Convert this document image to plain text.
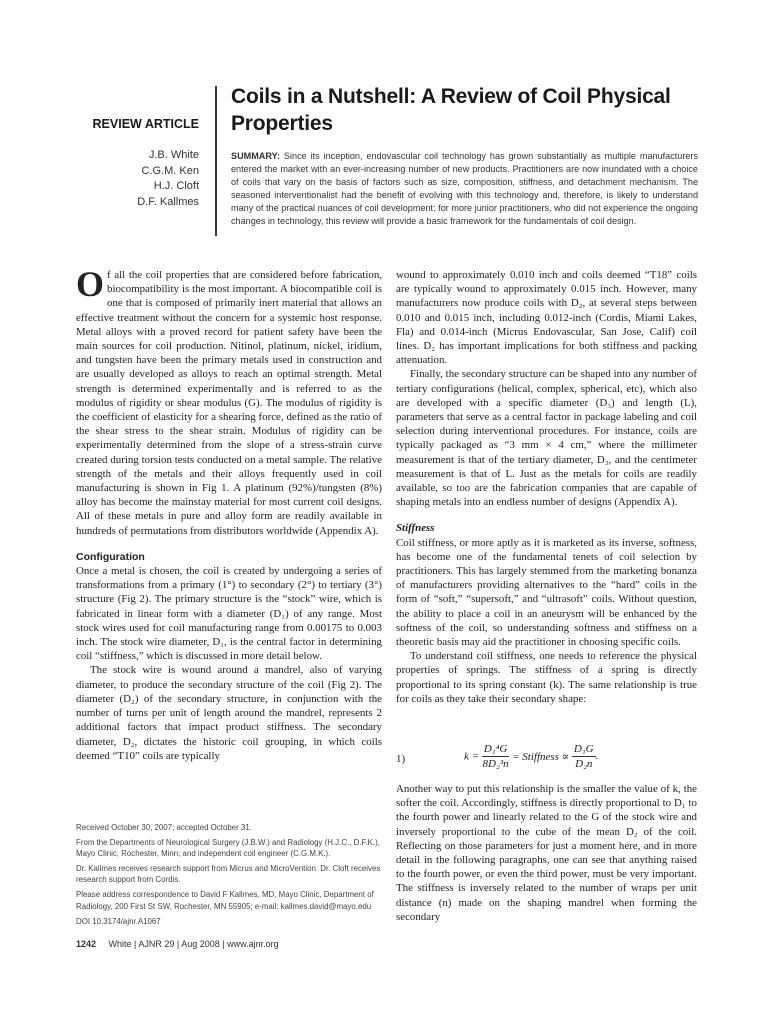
REVIEW ARTICLE
J.B. White
C.G.M. Ken
H.J. Cloft
D.F. Kallmes
Coils in a Nutshell: A Review of Coil Physical Properties
SUMMARY: Since its inception, endovascular coil technology has grown substantially as multiple manufacturers entered the market with an ever-increasing number of new products. Practitioners are now inundated with a choice of coils that vary on the basis of factors such as size, composition, stiffness, and detachment mechanism. The seasoned interventionalist had the benefit of evolving with this technology and, therefore, is likely to understand many of the practical nuances of coil development; for more junior practitioners, who did not experience the ongoing changes in technology, this review will provide a basic framework for the fundamentals of coil design.

Of all the coil properties that are considered before fabrication, biocompatibility is the most important. A biocompatible coil is one that is composed of primarily inert material that allows an effective treatment without the concern for a systemic host response. Metal alloys with a proved record for patient safety have been the main sources for coil production. Nitinol, platinum, nickel, iridium, and tungsten have been the primary metals used in construction and are usually developed as alloys to reach an optimal strength. Metal strength is determined experimentally and is referred to as the modulus of rigidity or shear modulus (G). The modulus of rigidity is the coefficient of elasticity for a shearing force, defined as the ratio of the shear stress to the shear strain. Modulus of rigidity can be experimentally determined from the slope of a stress-strain curve created during torsion tests conducted on a metal sample. The relative strength of the metals and their alloys frequently used in coil manufacturing is shown in Fig 1. A platinum (92%)/tungsten (8%) alloy has become the mainstay material for most current coil designs. All of these metals in pure and alloy form are readily available in hundreds of permutations from distributors worldwide (Appendix A).

Configuration

Once a metal is chosen, the coil is created by undergoing a series of transformations from a primary (1°) to secondary (2°) to tertiary (3°) structure (Fig 2). The primary structure is the “stock” wire, which is fabricated in linear form with a diameter (D₁) of any range. Most stock wires used for coil manufacturing range from 0.00175 to 0.003 inch. The stock wire diameter, D₁, is the central factor in determining coil “stiffness,” which is discussed in more detail below.

The stock wire is wound around a mandrel, also of varying diameter, to produce the secondary structure of the coil (Fig 2). The diameter (D₂) of the secondary structure, in conjunction with the number of turns per unit of length around the mandrel, represents 2 additional factors that impact product stiffness. The secondary diameter, D₂, dictates the historic coil grouping, in which coils deemed “T10” coils are typically

wound to approximately 0.010 inch and coils deemed “T18” coils are typically wound to approximately 0.015 inch. However, many manufacturers now produce coils with D₂, at several steps between 0.010 and 0.015 inch, including 0.012-inch (Cordis, Miami Lakes, Fla) and 0.014-inch (Micrus Endovascular, San Jose, Calif) coil lines. D₂ has important implications for both stiffness and packing attenuation.

Finally, the secondary structure can be shaped into any number of tertiary configurations (helical, complex, spherical, etc), which also are developed with a specific diameter (D₃) and length (L), parameters that serve as a central factor in package labeling and coil selection during interventional procedures. For instance, coils are typically packaged as “3 mm × 4 cm,” where the millimeter measurement is that of the tertiary diameter, D₃, and the centimeter measurement is that of L. Just as the metals for coils are readily available, so too are the fabrication companies that are capable of shaping metals into an endless number of designs (Appendix A).

Stiffness

Coil stiffness, or more aptly as it is marketed as its inverse, softness, has become one of the fundamental tenets of coil selection by practitioners. This has largely stemmed from the marketing bonanza of manufacturers providing alternatives to the “hard” coils in the form of “soft,” “supersoft,” and “ultrasoft” coils. Without question, the ability to place a coil in an aneurysm will be enhanced by the softness of the coil, so understanding softness and stiffness on a theoretic basis may aid the practitioner in choosing specific coils.

To understand coil stiffness, one needs to reference the physical properties of springs. The stiffness of a spring is directly proportional to its spring constant (k). The same relationship is true for coils as they take their secondary shape:

1)	$k = \frac{\text{D₁⁴G}}{\text{8D₂³n}}$ = Stiffness ∝ $\frac{\text{D₁G}}{\text{D₂n}}$ .

Another way to put this relationship is the smaller the value of k, the softer the coil. Accordingly, stiffness is directly proportional to D₁ to the fourth power and linearly related to the G of the stock wire and inversely proportional to the cube of the mean D₂ of the coil. Reflecting on those parameters for just a moment here, and in more detail in the following paragraphs, one can see that anything raised to the fourth power, or even the third power, must be very important. The stiffness is inversely related to the number of wraps per unit distance (n) made on the shaping mandrel when forming the secondary

Received October 30, 2007; accepted October 31.

From the Departments of Neurological Surgery (J.B.W.) and Radiology (H.J.C., D.F.K.), Mayo Clinic, Rochester, Minn; and independent coil engineer (C.G.M.K.).

Dr. Kallmes receives research support from Micrus and MicroVention. Dr. Cloft receives research support from Cordis.

Please address correspondence to David F Kallmes, MD, Mayo Clinic, Department of Radiology, 200 First St SW, Rochester, MN 55905; e-mail: kallmes.david@mayo.edu

DOI 10.3174/ajnr.A1067

1242 White | AJNR 29 | Aug 2008 | www.ajnr.org
